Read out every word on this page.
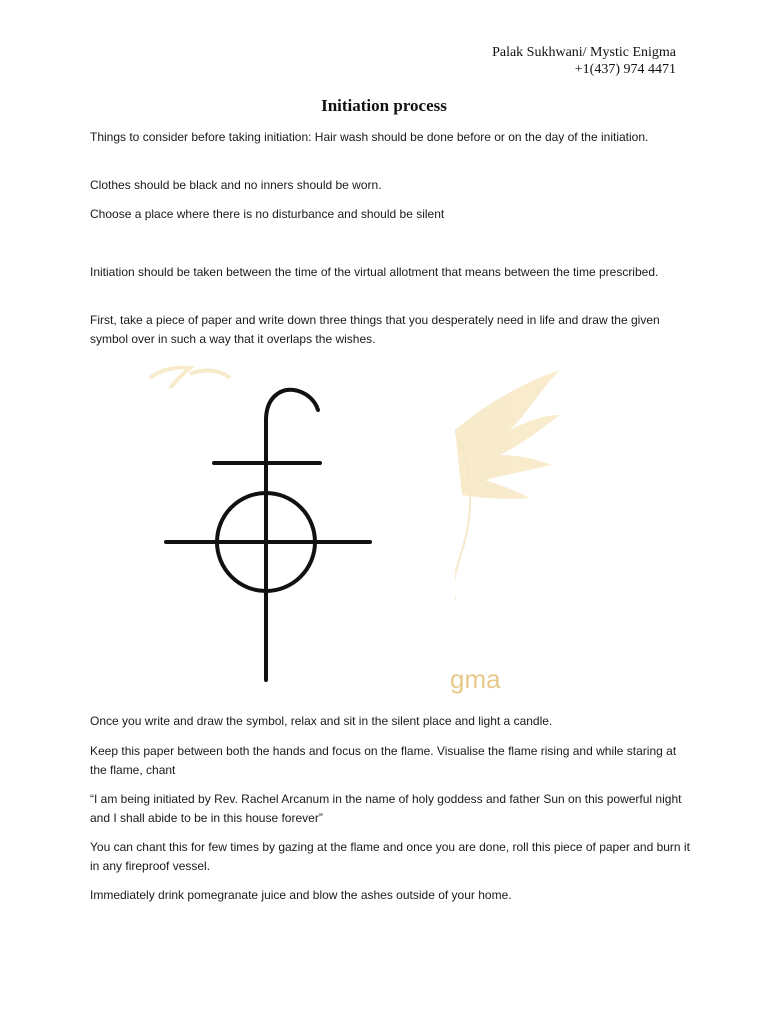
Palak Sukhwani/ Mystic Enigma
+1(437) 974 4471
Initiation process
Things to consider before taking initiation: Hair wash should be done before or on the day of the initiation.
Clothes should be black and no inners should be worn.
Choose a place where there is no disturbance and should be silent
Initiation should be taken between the time of the virtual allotment that means between the time prescribed.
First, take a piece of paper and write down three things that you desperately need in life and draw the given symbol over in such a way that it overlaps the wishes.
gma
Once you write and draw the symbol, relax and sit in the silent place and light a candle.
Keep this paper between both the hands and focus on the flame. Visualise the flame rising and while staring at the flame, chant
“I am being initiated by Rev. Rachel Arcanum in the name of holy goddess and father Sun on this powerful night and I shall abide to be in this house forever”
You can chant this for few times by gazing at the flame and once you are done, roll this piece of paper and burn it in any fireproof vessel.
Immediately drink pomegranate juice and blow the ashes outside of your home.
